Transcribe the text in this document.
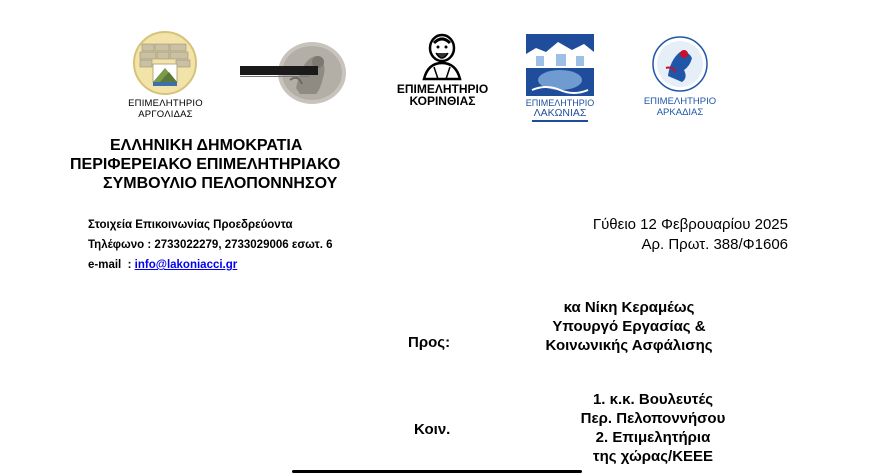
ΕΠΙΜΕΛΗΤΗΡΙΟ
ΑΡΓΟΛΙΔΑΣ
ΕΠΙΜΕΛΗΤΗΡΙΟ
ΚΟΡΙΝΘΙΑΣ	ΕΠΙΜΕΛΗΤΗΡΙΟ
ΛΑΚΩΝΙΑΣ
ΕΠΙΜΕΛΗΤΗΡΙΟ
ΑΡΚΑΔΙΑΣ
ΕΛΛΗΝΙΚΗ ΔΗΜΟΚΡΑΤΙΑ
ΠΕΡΙΦΕΡΕΙΑΚΟ ΕΠΙΜΕΛΗΤΗΡΙΑΚΟ
ΣΥΜΒΟΥΛΙΟ ΠΕΛΟΠΟΝΝΗΣΟΥ
Στοιχεία Επικοινωνίας Προεδρεύοντα
Τηλέφωνο : 2733022279, 2733029006 εσωτ. 6
e-mail  : info@lakoniacci.gr
Γύθειο 12 Φεβρουαρίου 2025
Αρ. Πρωτ. 388/Φ1606
Προς:
κα Νίκη Κεραμέως
Υπουργό Εργασίας &
Κοινωνικής Ασφάλισης
Κοιν.
1. κ.κ. Βουλευτές
Περ. Πελοποννήσου
2. Επιμελητήρια
της χώρας/ΚΕΕΕ
